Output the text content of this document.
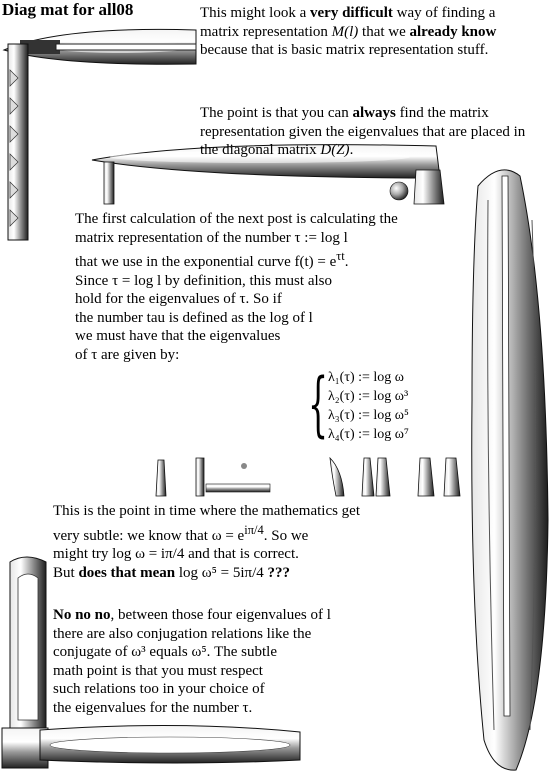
Diag mat for all08	This might look a very difficult way of finding a matrix representation M(l) that we already know because that is basic matrix representation stuff.

The point is that you can always find the matrix representation given the eigenvalues that are placed in the diagonal matrix D(Z).

The first calculation of the next post is calculating the
matrix representation of the number τ := log l
that we use in the exponential curve $f(t) = e^{\tau t}$.
Since τ = log l by definition, this must also
hold for the eigenvalues of τ. So if
the number tau is defined as the log of l
we must have that the eigenvalues
of τ are given by:
{ λ₁(τ) := log ω
λ₂(τ) := log ω³
λ₃(τ) := log ω⁵
λ₄(τ) := log ω⁷
This is the point in time where the mathematics get
very subtle: we know that $\omega = e^{i\pi/4}$. So we
might try log ω = iπ/4 and that is correct.
But does that mean log ω⁵ = 5iπ/4 ???
No no no, between those four eigenvalues of l
there are also conjugation relations like the
conjugate of ω³ equals ω⁵. The subtle
math point is that you must respect
such relations too in your choice of
the eigenvalues for the number τ.
